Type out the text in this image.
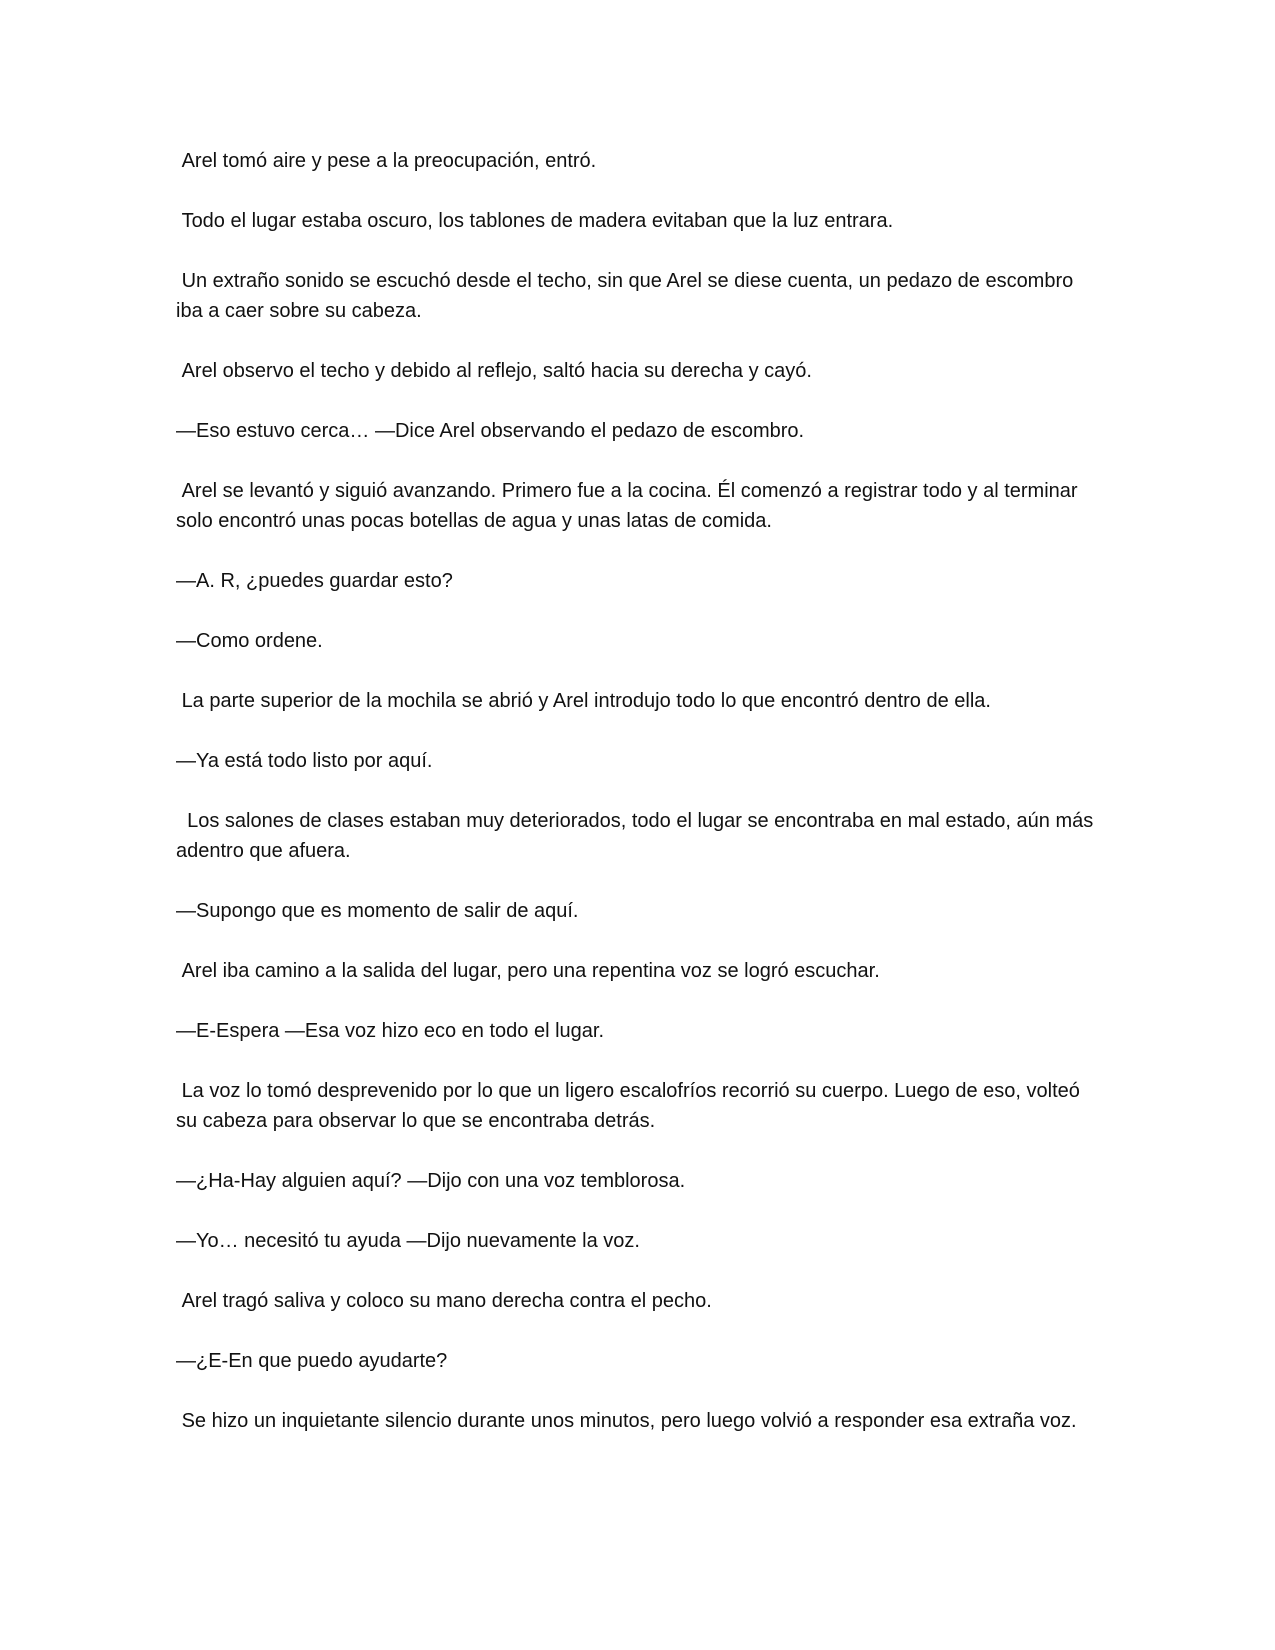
Arel tomó aire y pese a la preocupación, entró.

Todo el lugar estaba oscuro, los tablones de madera evitaban que la luz entrara.

Un extraño sonido se escuchó desde el techo, sin que Arel se diese cuenta, un pedazo de escombro iba a caer sobre su cabeza.

Arel observo el techo y debido al reflejo, saltó hacia su derecha y cayó.

—Eso estuvo cerca… —Dice Arel observando el pedazo de escombro.

Arel se levantó y siguió avanzando. Primero fue a la cocina. Él comenzó a registrar todo y al terminar solo encontró unas pocas botellas de agua y unas latas de comida.

—A. R, ¿puedes guardar esto?

—Como ordene.

La parte superior de la mochila se abrió y Arel introdujo todo lo que encontró dentro de ella.

—Ya está todo listo por aquí.

Los salones de clases estaban muy deteriorados, todo el lugar se encontraba en mal estado, aún más adentro que afuera.

—Supongo que es momento de salir de aquí.

Arel iba camino a la salida del lugar, pero una repentina voz se logró escuchar.

—E-Espera —Esa voz hizo eco en todo el lugar.

La voz lo tomó desprevenido por lo que un ligero escalofríos recorrió su cuerpo. Luego de eso, volteó su cabeza para observar lo que se encontraba detrás.

—¿Ha-Hay alguien aquí? —Dijo con una voz temblorosa.

—Yo… necesitó tu ayuda —Dijo nuevamente la voz.

Arel tragó saliva y coloco su mano derecha contra el pecho.

—¿E-En que puedo ayudarte?

Se hizo un inquietante silencio durante unos minutos, pero luego volvió a responder esa extraña voz.
